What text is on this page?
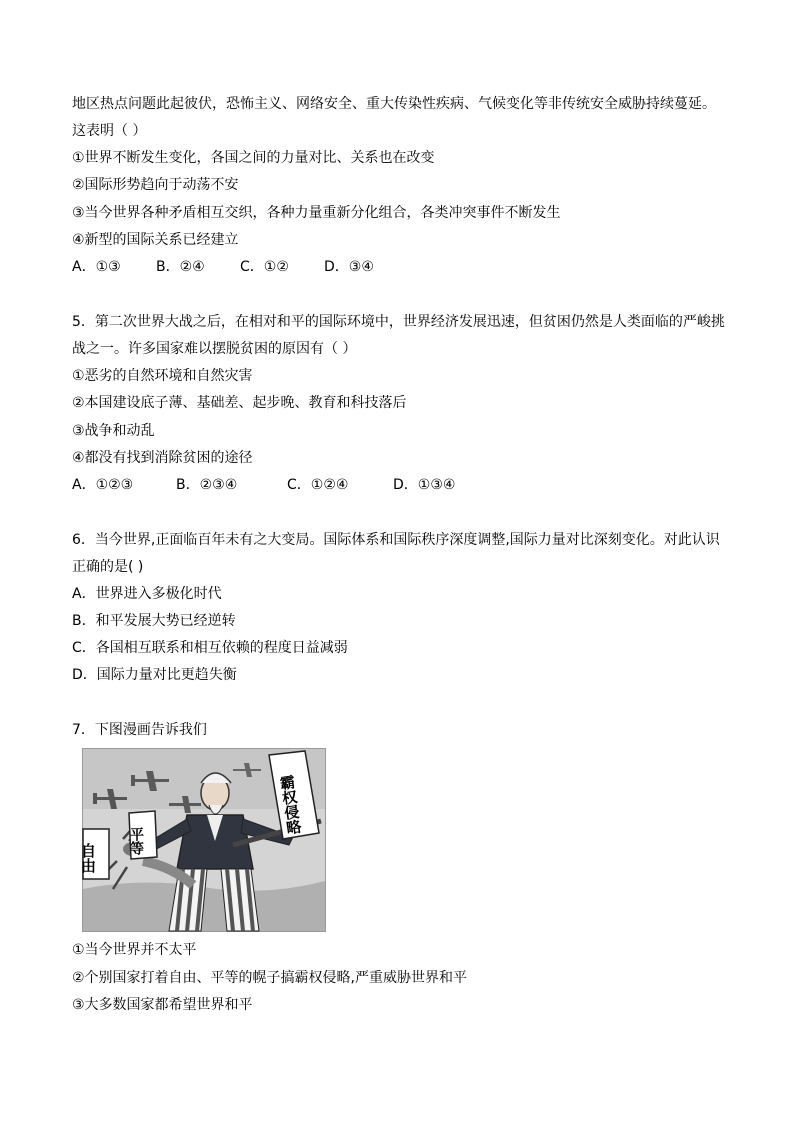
地区热点问题此起彼伏，恐怖主义、网络安全、重大传染性疾病、气候变化等非传统安全威胁持续蔓延。
这表明（ ）
①世界不断发生变化，各国之间的力量对比、关系也在改变
②国际形势趋向于动荡不安
③当今世界各种矛盾相互交织，各种力量重新分化组合，各类冲突事件不断发生
④新型的国际关系已经建立
A．①③	B．②④	C．①②	D．③④
5．第二次世界大战之后，在相对和平的国际环境中，世界经济发展迅速，但贫困仍然是人类面临的严峻挑
战之一。许多国家难以摆脱贫困的原因有（ ）
①恶劣的自然环境和自然灾害
②本国建设底子薄、基础差、起步晚、教育和科技落后
③战争和动乱
④都没有找到消除贫困的途径
A．①②③	B．②③④	C．①②④	D．①③④
6．当今世界,正面临百年未有之大变局。国际体系和国际秩序深度调整,国际力量对比深刻变化。对此认识
正确的是( )
A．世界进入多极化时代
B．和平发展大势已经逆转
C．各国相互联系和相互依赖的程度日益减弱
D．国际力量对比更趋失衡
7．下图漫画告诉我们
霸权侵略
平等
自由
①当今世界并不太平
②个别国家打着自由、平等的幌子搞霸权侵略,严重威胁世界和平
③大多数国家都希望世界和平
